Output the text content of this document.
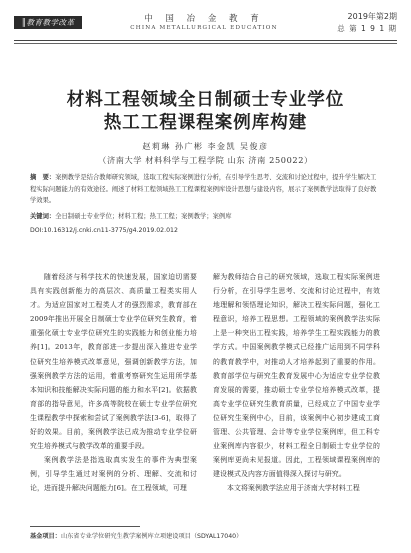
║教育教学改革	中 国 冶 金 教 育
CHINA METALLURGICAL EDUCATION
2019年第2期
总 第 1 9 1 期
材料工程领域全日制硕士专业学位
热工工程课程案例库构建
赵莉琳 孙广彬 李金凯 吴俊彦
（济南大学 材料科学与工程学院 山东 济南 250022）
摘　要：案例教学是结合教师研究领域，选取工程实际案例进行分析，在引导学生思考、交流和讨论过程中，提升学生解决工程实际问题能力的有效途径。阐述了材料工程领域热工工程课程案例库设计思想与建设内容，展示了案例教学法取得了良好教学效果。
关键词：全日制硕士专业学位；材料工程；热工工程；案例教学；案例库
DOI:10.16312/j.cnki.cn11-3775/g4.2019.02.012

随着经济与科学技术的快速发展，国家迫切需要具有实践创新能力的高层次、高质量工程类实用人才。为适应国家对工程类人才的强烈需求，教育部在2009年推出开展全日制硕士专业学位研究生教育，着重强化硕士专业学位研究生的实践能力和创业能力培养[1]。2013年，教育部进一步提出深入推进专业学位研究生培养模式改革意见，强调创新教学方法，加强案例教学方法的运用，着重考察研究生运用所学基本知识和技能解决实际问题的能力和水平[2]。依据教育部的指导意见，许多高等院校在硕士专业学位研究生课程教学中探索和尝试了案例教学法[3-6]，取得了好的效果。目前，案例教学法已成为推动专业学位研究生培养模式与教学改革的重要手段。

案例教学法是指选取真实发生的事件为典型案例，引导学生通过对案例的分析、理解、交流和讨论，进而提升解决问题能力[6]。在工程领域，可理

解为教师结合自己的研究领域，选取工程实际案例进行分析，在引导学生思考、交流和讨论过程中，有效地理解和领悟理论知识，解决工程实际问题，强化工程意识，培养工程思想。工程领域的案例教学法实际上是一种突出工程实践，培养学生工程实践能力的教学方式。中国案例教学模式已经推广运用到不同学科的教育教学中，对推动人才培养起到了重要的作用。教育部学位与研究生教育发展中心为适应专业学位教育发展的需要，推动硕士专业学位培养模式改革，提高专业学位研究生教育质量，已经成立了中国专业学位研究生案例中心，目前，该案例中心初步建成工商管理、公共管理、会计等专业学位案例库，但工科专业案例库内容很少，材料工程全日制硕士专业学位的案例库更尚未见报道。因此，工程领域课程案例库的建设模式及内容方面值得深入探讨与研究。

本文将案例教学法应用于济南大学材料工程

基金项目：山东省专业学位研究生教学案例库立项建设项目（SDYAL17040）
